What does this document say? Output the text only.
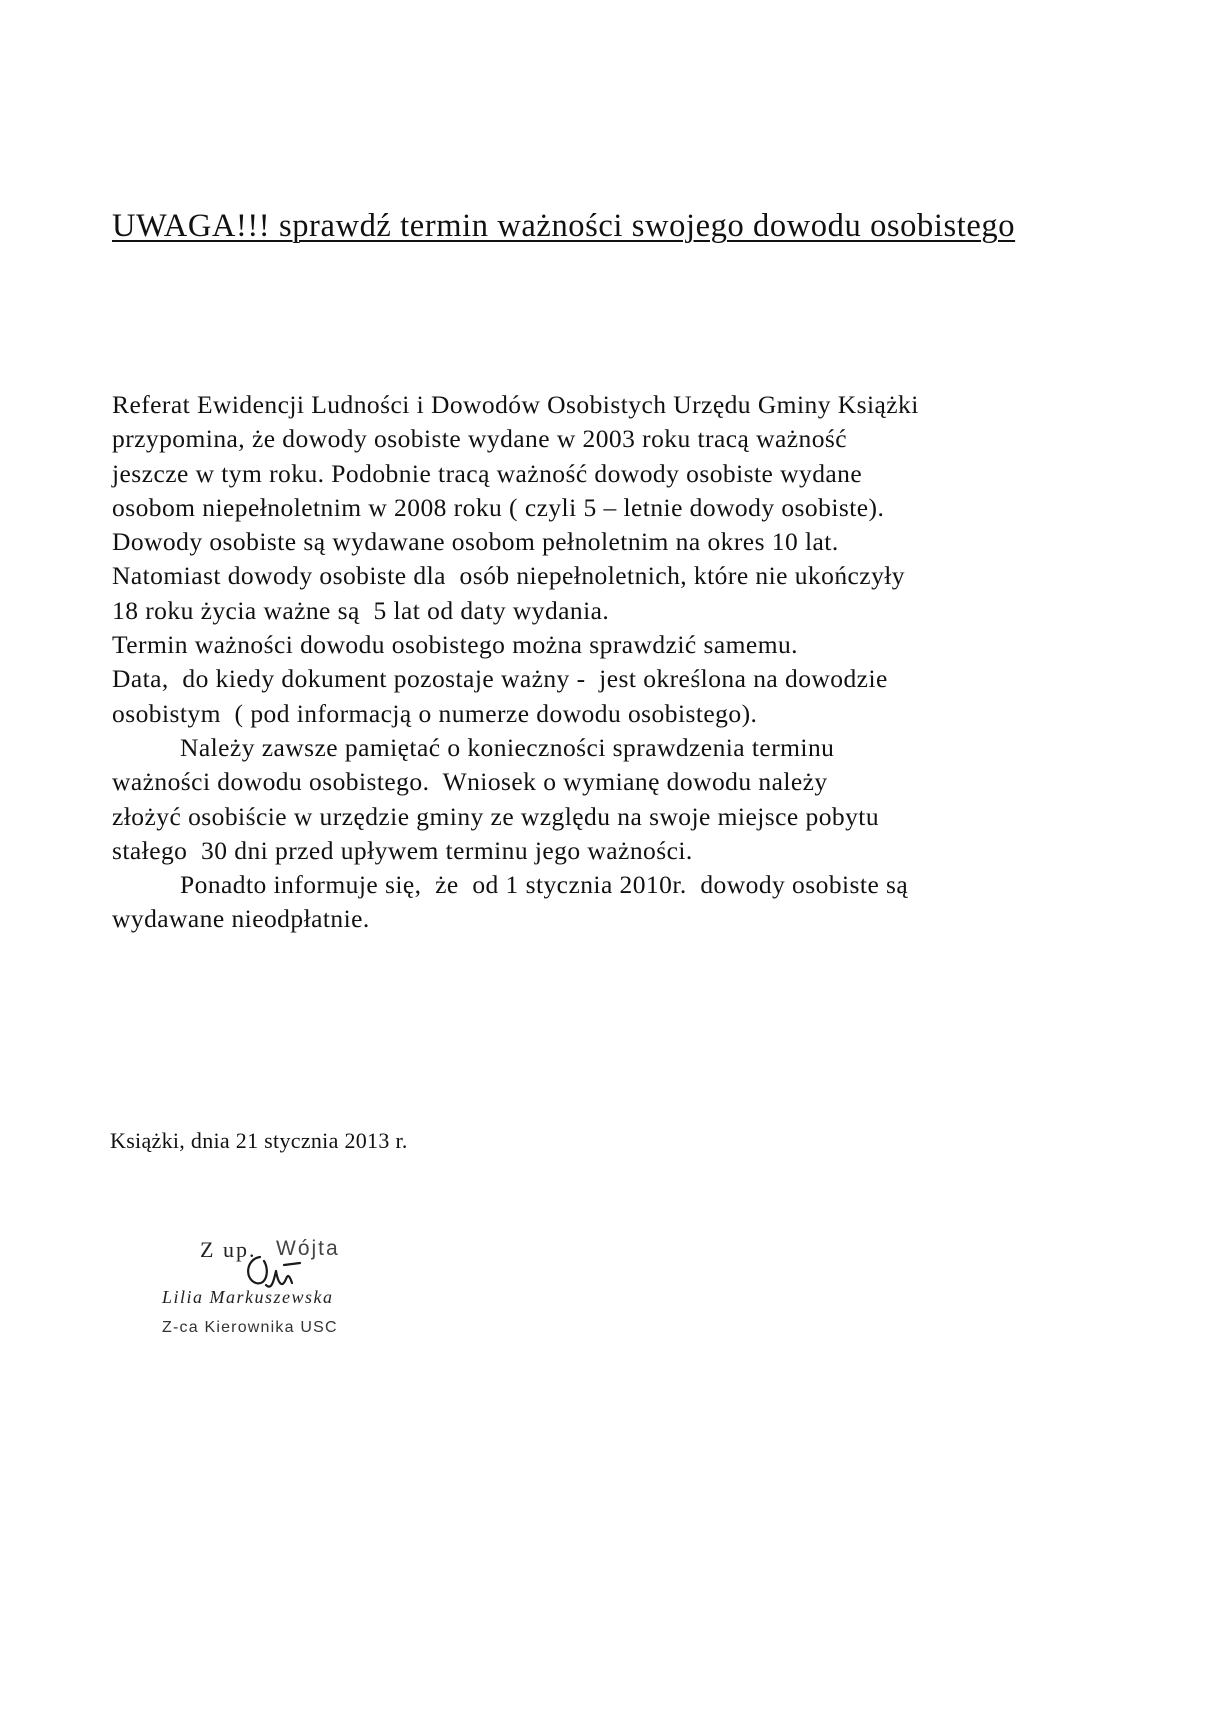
UWAGA!!! sprawdź termin ważności swojego dowodu osobistego
Referat Ewidencji Ludności i Dowodów Osobistych Urzędu Gminy Książki
przypomina, że dowody osobiste wydane w 2003 roku tracą ważność
jeszcze w tym roku. Podobnie tracą ważność dowody osobiste wydane
osobom niepełnoletnim w 2008 roku ( czyli 5 – letnie dowody osobiste).
Dowody osobiste są wydawane osobom pełnoletnim na okres 10 lat.
Natomiast dowody osobiste dla  osób niepełnoletnich, które nie ukończyły
18 roku życia ważne są  5 lat od daty wydania.
Termin ważności dowodu osobistego można sprawdzić samemu.
Data,  do kiedy dokument pozostaje ważny -  jest określona na dowodzie
osobistym  ( pod informacją o numerze dowodu osobistego).
Należy zawsze pamiętać o konieczności sprawdzenia terminu
ważności dowodu osobistego.  Wniosek o wymianę dowodu należy
złożyć osobiście w urzędzie gminy ze względu na swoje miejsce pobytu
stałego  30 dni przed upływem terminu jego ważności.
Ponadto informuje się,  że  od 1 stycznia 2010r.  dowody osobiste są
wydawane nieodpłatnie.

Książki, dnia 21 stycznia 2013 r.

Z up. Wójta
Lilia Markuszewska
Z-ca Kierownika USC
